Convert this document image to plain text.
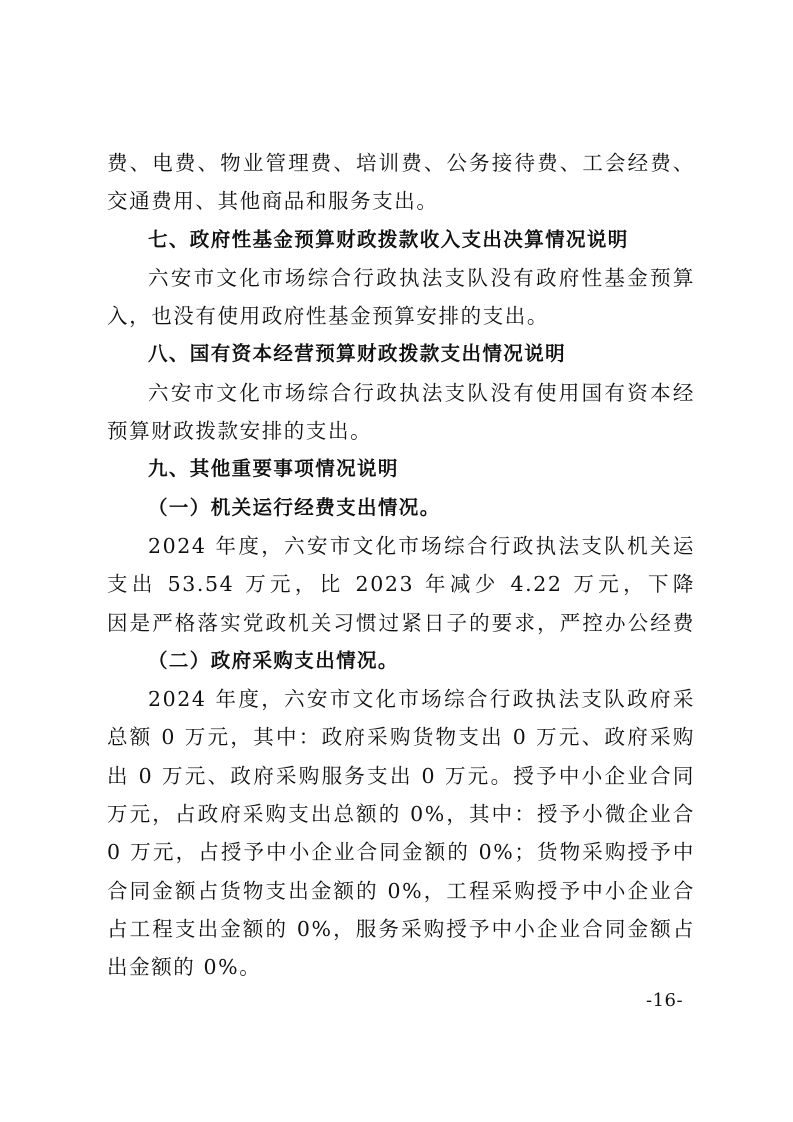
费、电费、物业管理费、培训费、公务接待费、工会经费、
交通费用、其他商品和服务支出。
七、政府性基金预算财政拨款收入支出决算情况说明
六安市文化市场综合行政执法支队没有政府性基金预算
入，也没有使用政府性基金预算安排的支出。
八、国有资本经营预算财政拨款支出情况说明
六安市文化市场综合行政执法支队没有使用国有资本经
预算财政拨款安排的支出。
九、其他重要事项情况说明
（一）机关运行经费支出情况。
2024 年度，六安市文化市场综合行政执法支队机关运
支出 53.54 万元，比 2023 年减少 4.22 万元，下降
因是严格落实党政机关习惯过紧日子的要求，严控办公经费
（二）政府采购支出情况。
2024 年度，六安市文化市场综合行政执法支队政府采
总额 0 万元，其中：政府采购货物支出 0 万元、政府采购
出 0 万元、政府采购服务支出 0 万元。授予中小企业合同
万元，占政府采购支出总额的 0%，其中：授予小微企业合
0 万元，占授予中小企业合同金额的 0%；货物采购授予中
合同金额占货物支出金额的 0%，工程采购授予中小企业合
占工程支出金额的 0%，服务采购授予中小企业合同金额占
出金额的 0%。
-16-
